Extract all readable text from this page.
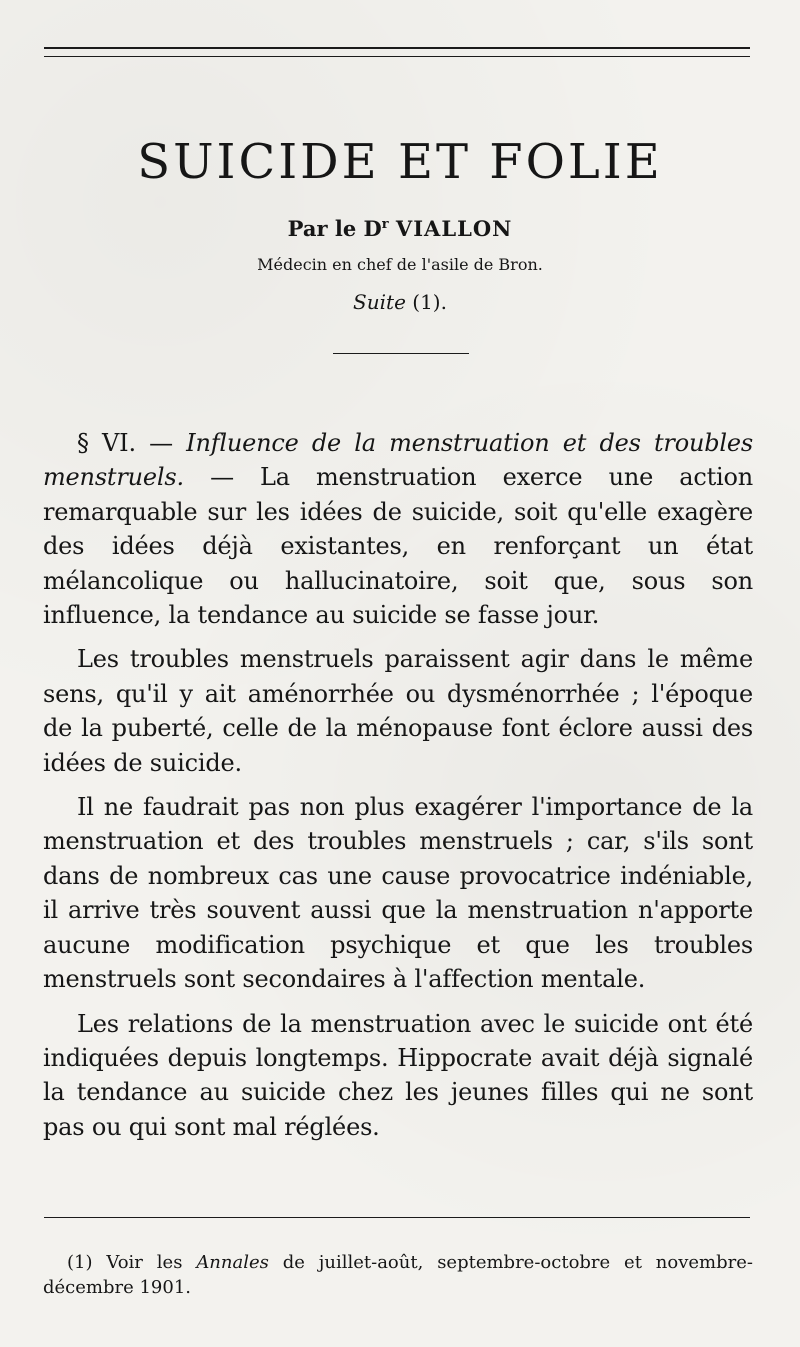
SUICIDE ET FOLIE
Par le $D^r$ VIALLON
Médecin en chef de l'asile de Bron.
Suite (1).

§ VI. — Influence de la menstruation et des troubles menstruels. — La menstruation exerce une action remarquable sur les idées de suicide, soit qu'elle exagère des idées déjà existantes, en renforçant un état mélancolique ou hallucinatoire, soit que, sous son influence, la tendance au suicide se fasse jour.

Les troubles menstruels paraissent agir dans le même sens, qu'il y ait aménorrhée ou dysménorrhée ; l'époque de la puberté, celle de la ménopause font éclore aussi des idées de suicide.

Il ne faudrait pas non plus exagérer l'importance de la menstruation et des troubles menstruels ; car, s'ils sont dans de nombreux cas une cause provocatrice indéniable, il arrive très souvent aussi que la menstruation n'apporte aucune modification psychique et que les troubles menstruels sont secondaires à l'affection mentale.

Les relations de la menstruation avec le suicide ont été indiquées depuis longtemps. Hippocrate avait déjà signalé la tendance au suicide chez les jeunes filles qui ne sont pas ou qui sont mal réglées.

(1) Voir les Annales de juillet-août, septembre-octobre et novembre-décembre 1901.
